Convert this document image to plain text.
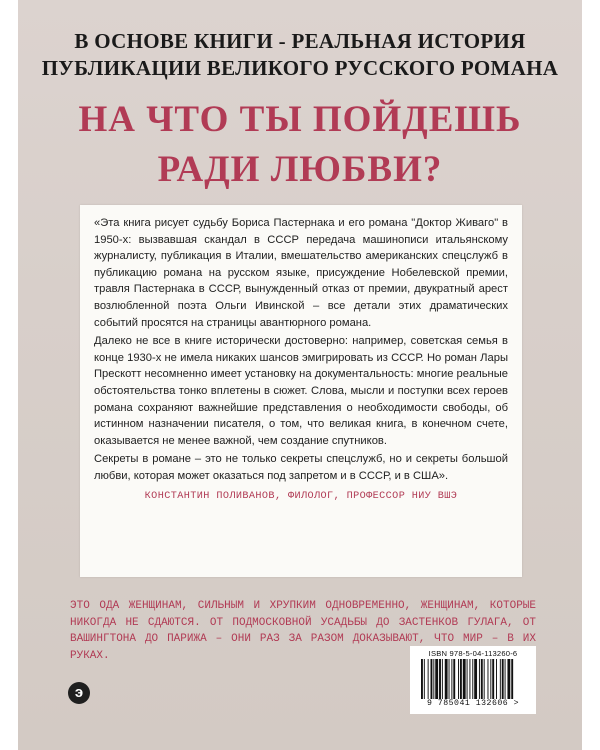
В ОСНОВЕ КНИГИ - РЕАЛЬНАЯ ИСТОРИЯ
ПУБЛИКАЦИИ ВЕЛИКОГО РУССКОГО РОМАНА
НА ЧТО ТЫ ПОЙДЕШЬ
РАДИ ЛЮБВИ?

«Эта книга рисует судьбу Бориса Пастернака и его романа "Доктор Живаго" в 1950-х: вызвавшая скандал в СССР передача машинописи итальянскому журналисту, публикация в Италии, вмешательство американских спецслужб в публикацию романа на русском языке, присуждение Нобелевской премии, травля Пастернака в СССР, вынужденный отказ от премии, двукратный арест возлюбленной поэта Ольги Ивинской – все детали этих драматических событий просятся на страницы авантюрного романа.

Далеко не все в книге исторически достоверно: например, советская семья в конце 1930-х не имела никаких шансов эмигрировать из СССР. Но роман Лары Прескотт несомненно имеет установку на документальность: многие реальные обстоятельства тонко вплетены в сюжет. Слова, мысли и поступки всех героев романа сохраняют важнейшие представления о необходимости свободы, об истинном назначении писателя, о том, что великая книга, в конечном счете, оказывается не менее важной, чем создание спутников.

Секреты в романе – это не только секреты спецслужб, но и секреты большой любви, которая может оказаться под запретом и в СССР, и в США».

КОНСТАНТИН ПОЛИВАНОВ, ФИЛОЛОГ, ПРОФЕССОР НИУ ВШЭ
ЭТО ОДА ЖЕНЩИНАМ, СИЛЬНЫМ И ХРУПКИМ ОДНОВРЕМЕННО, ЖЕНЩИНАМ, КОТОРЫЕ НИКОГДА НЕ СДАЮТСЯ. ОТ ПОДМОСКОВНОЙ УСАДЬБЫ ДО ЗАСТЕНКОВ ГУЛАГА, ОТ ВАШИНГТОНА ДО ПАРИЖА – ОНИ РАЗ ЗА РАЗОМ ДОКАЗЫВАЮТ, ЧТО МИР – В ИХ РУКАХ.
э
ISBN 978-5-04-113260-6
9 785041 132606 >
